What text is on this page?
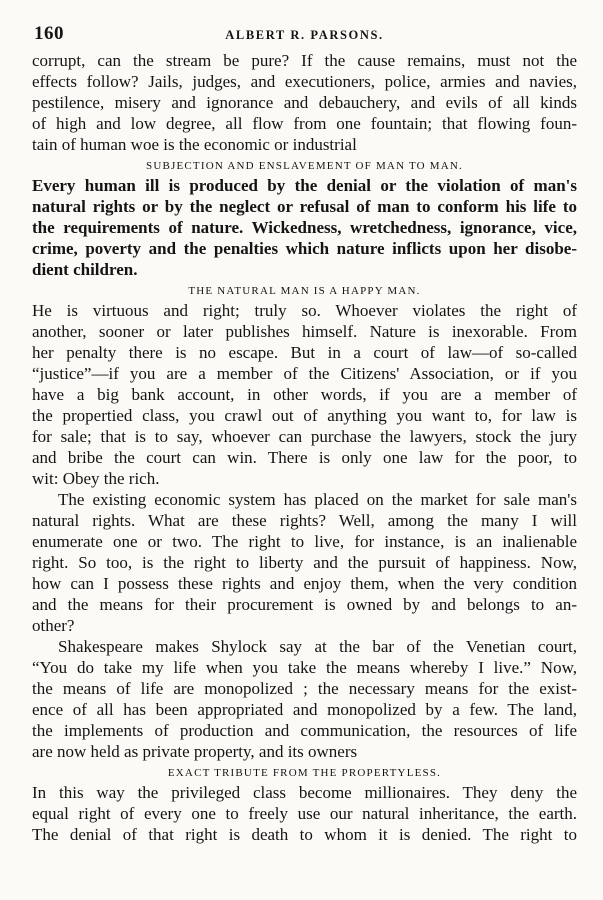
160	ALBERT R. PARSONS.
corrupt, can the stream be pure? If the cause remains, must not the
effects follow? Jails, judges, and executioners, police, armies and navies,
pestilence, misery and ignorance and debauchery, and evils of all kinds
of high and low degree, all flow from one fountain; that flowing foun-
tain of human woe is the economic or industrial
SUBJECTION AND ENSLAVEMENT OF MAN TO MAN.
Every human ill is produced by the denial or the violation of man's
natural rights or by the neglect or refusal of man to conform his life to
the requirements of nature. Wickedness, wretchedness, ignorance, vice,
crime, poverty and the penalties which nature inflicts upon her disobe-
dient children.
THE NATURAL MAN IS A HAPPY MAN.
He is virtuous and right; truly so. Whoever violates the right of
another, sooner or later publishes himself. Nature is inexorable. From
her penalty there is no escape. But in a court of law—of so-called
“justice”—if you are a member of the Citizens' Association, or if you
have a big bank account, in other words, if you are a member of
the propertied class, you crawl out of anything you want to, for law is
for sale; that is to say, whoever can purchase the lawyers, stock the jury
and bribe the court can win. There is only one law for the poor, to
wit: Obey the rich.
The existing economic system has placed on the market for sale man's
natural rights. What are these rights? Well, among the many I will
enumerate one or two. The right to live, for instance, is an inalienable
right. So too, is the right to liberty and the pursuit of happiness. Now,
how can I possess these rights and enjoy them, when the very condition
and the means for their procurement is owned by and belongs to an-
other?
Shakespeare makes Shylock say at the bar of the Venetian court,
“You do take my life when you take the means whereby I live.” Now,
the means of life are monopolized ; the necessary means for the exist-
ence of all has been appropriated and monopolized by a few. The land,
the implements of production and communication, the resources of life
are now held as private property, and its owners
EXACT TRIBUTE FROM THE PROPERTYLESS.
In this way the privileged class become millionaires. They deny the
equal right of every one to freely use our natural inheritance, the earth.
The denial of that right is death to whom it is denied. The right to
